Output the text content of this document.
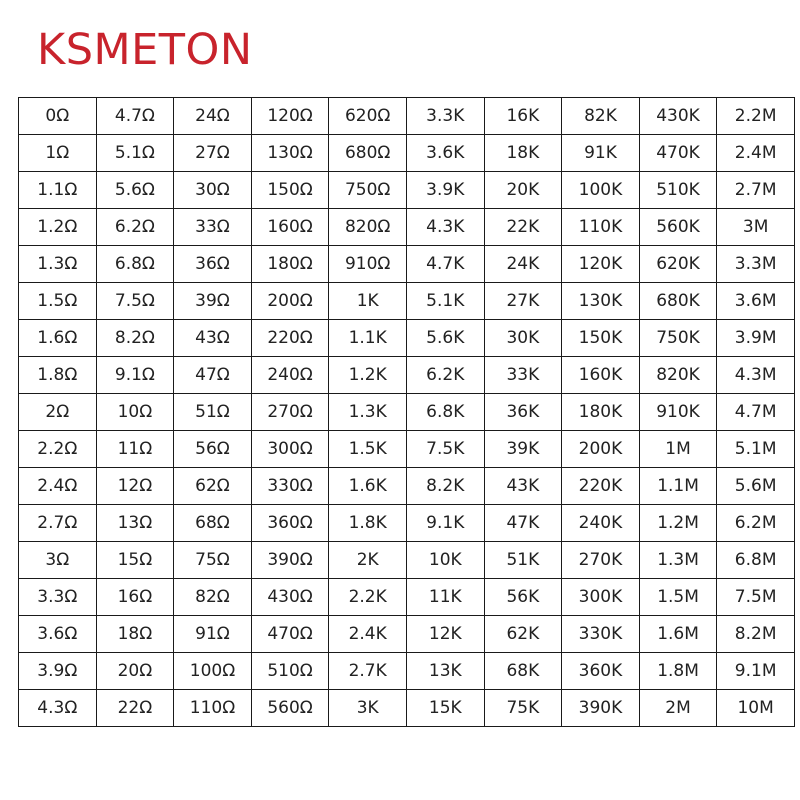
KSMETON
0Ω	4.7Ω	24Ω	120Ω	620Ω	3.3K	16K	82K	430K	2.2M
1Ω	5.1Ω	27Ω	130Ω	680Ω	3.6K	18K	91K	470K	2.4M
1.1Ω	5.6Ω	30Ω	150Ω	750Ω	3.9K	20K	100K	510K	2.7M
1.2Ω	6.2Ω	33Ω	160Ω	820Ω	4.3K	22K	110K	560K	3M
1.3Ω	6.8Ω	36Ω	180Ω	910Ω	4.7K	24K	120K	620K	3.3M
1.5Ω	7.5Ω	39Ω	200Ω	1K	5.1K	27K	130K	680K	3.6M
1.6Ω	8.2Ω	43Ω	220Ω	1.1K	5.6K	30K	150K	750K	3.9M
1.8Ω	9.1Ω	47Ω	240Ω	1.2K	6.2K	33K	160K	820K	4.3M
2Ω	10Ω	51Ω	270Ω	1.3K	6.8K	36K	180K	910K	4.7M
2.2Ω	11Ω	56Ω	300Ω	1.5K	7.5K	39K	200K	1M	5.1M
2.4Ω	12Ω	62Ω	330Ω	1.6K	8.2K	43K	220K	1.1M	5.6M
2.7Ω	13Ω	68Ω	360Ω	1.8K	9.1K	47K	240K	1.2M	6.2M
3Ω	15Ω	75Ω	390Ω	2K	10K	51K	270K	1.3M	6.8M
3.3Ω	16Ω	82Ω	430Ω	2.2K	11K	56K	300K	1.5M	7.5M
3.6Ω	18Ω	91Ω	470Ω	2.4K	12K	62K	330K	1.6M	8.2M
3.9Ω	20Ω	100Ω	510Ω	2.7K	13K	68K	360K	1.8M	9.1M
4.3Ω	22Ω	110Ω	560Ω	3K	15K	75K	390K	2M	10M
